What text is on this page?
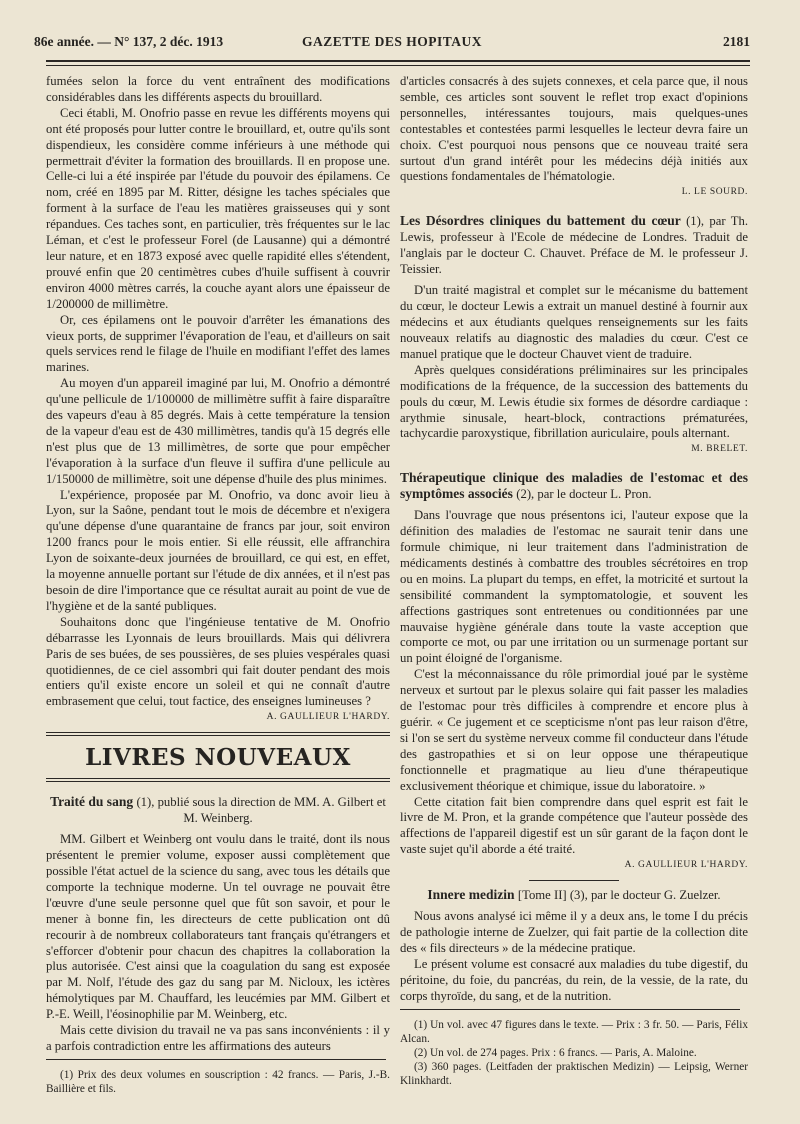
86e année. — N° 137, 2 déc. 1913	GAZETTE DES HOPITAUX	2181

fumées selon la force du vent entraînent des modifications considérables dans les différents aspects du brouillard.

Ceci établi, M. Onofrio passe en revue les différents moyens qui ont été proposés pour lutter contre le brouillard, et, outre qu'ils sont dispendieux, les considère comme inférieurs à une méthode qui permettrait d'éviter la formation des brouillards. Il en propose une. Celle-ci lui a été inspirée par l'étude du pouvoir des épilamens. Ce nom, créé en 1895 par M. Ritter, désigne les taches spéciales que forment à la surface de l'eau les matières graisseuses qui y sont répandues. Ces taches sont, en particulier, très fréquentes sur le lac Léman, et c'est le professeur Forel (de Lausanne) qui a démontré leur nature, et en 1873 exposé avec quelle rapidité elles s'étendent, prouvé enfin que 20 centimètres cubes d'huile suffisent à couvrir environ 4000 mètres carrés, la couche ayant alors une épaisseur de 1/200000 de millimètre.

Or, ces épilamens ont le pouvoir d'arrêter les émanations des vieux ports, de supprimer l'évaporation de l'eau, et d'ailleurs on sait quels services rend le filage de l'huile en modifiant l'effet des lames marines.

Au moyen d'un appareil imaginé par lui, M. Onofrio a démontré qu'une pellicule de 1/100000 de millimètre suffit à faire disparaître des vapeurs d'eau à 85 degrés. Mais à cette température la tension de la vapeur d'eau est de 430 millimètres, tandis qu'à 15 degrés elle n'est plus que de 13 millimètres, de sorte que pour empêcher l'évaporation à la surface d'un fleuve il suffira d'une pellicule au 1/150000 de millimètre, soit une dépense d'huile des plus minimes.

L'expérience, proposée par M. Onofrio, va donc avoir lieu à Lyon, sur la Saône, pendant tout le mois de décembre et n'exigera qu'une dépense d'une quarantaine de francs par jour, soit environ 1200 francs pour le mois entier. Si elle réussit, elle affranchira Lyon de soixante-deux journées de brouillard, ce qui est, en effet, la moyenne annuelle portant sur l'étude de dix années, et il n'est pas besoin de dire l'importance que ce résultat aurait au point de vue de l'hygiène et de la santé publiques.

Souhaitons donc que l'ingénieuse tentative de M. Onofrio débarrasse les Lyonnais de leurs brouillards. Mais qui délivrera Paris de ses buées, de ses poussières, de ses pluies vespérales quasi quotidiennes, de ce ciel assombri qui fait douter pendant des mois entiers qu'il existe encore un soleil et qui ne connaît d'autre embrasement que celui, tout factice, des enseignes lumineuses ?

A. GAULLIEUR L'HARDY.

LIVRES NOUVEAUX

Traité du sang (1), publié sous la direction de MM. A. Gilbert et M. Weinberg.

MM. Gilbert et Weinberg ont voulu dans le traité, dont ils nous présentent le premier volume, exposer aussi complètement que possible l'état actuel de la science du sang, avec tous les détails que comporte la technique moderne. Un tel ouvrage ne pouvait être l'œuvre d'une seule personne quel que fût son savoir, et pour le mener à bonne fin, les directeurs de cette publication ont dû recourir à de nombreux collaborateurs tant français qu'étrangers et s'efforcer d'obtenir pour chacun des chapitres la collaboration la plus autorisée. C'est ainsi que la coagulation du sang est exposée par M. Nolf, l'étude des gaz du sang par M. Nicloux, les ictères hémolytiques par M. Chauffard, les leucémies par MM. Gilbert et P.-E. Weill, l'éosinophilie par M. Weinberg, etc.

Mais cette division du travail ne va pas sans inconvénients : il y a parfois contradiction entre les affirmations des auteurs

(1) Prix des deux volumes en souscription : 42 francs. — Paris, J.-B. Baillière et fils.

d'articles consacrés à des sujets connexes, et cela parce que, il nous semble, ces articles sont souvent le reflet trop exact d'opinions personnelles, intéressantes toujours, mais quelques-unes contestables et contestées parmi lesquelles le lecteur devra faire un choix. C'est pourquoi nous pensons que ce nouveau traité sera surtout d'un grand intérêt pour les médecins déjà initiés aux questions fondamentales de l'hématologie.

L. LE SOURD.

Les Désordres cliniques du battement du cœur (1), par Th. Lewis, professeur à l'Ecole de médecine de Londres. Traduit de l'anglais par le docteur C. Chauvet. Préface de M. le professeur J. Teissier.

D'un traité magistral et complet sur le mécanisme du battement du cœur, le docteur Lewis a extrait un manuel destiné à fournir aux médecins et aux étudiants quelques renseignements sur les faits nouveaux relatifs au diagnostic des maladies du cœur. C'est ce manuel pratique que le docteur Chauvet vient de traduire.

Après quelques considérations préliminaires sur les principales modifications de la fréquence, de la succession des battements du pouls du cœur, M. Lewis étudie six formes de désordre cardiaque : arythmie sinusale, heart-block, contractions prématurées, tachycardie paroxystique, fibrillation auriculaire, pouls alternant.

M. BRELET.

Thérapeutique clinique des maladies de l'estomac et des symptômes associés (2), par le docteur L. Pron.

Dans l'ouvrage que nous présentons ici, l'auteur expose que la définition des maladies de l'estomac ne saurait tenir dans une formule chimique, ni leur traitement dans l'administration de médicaments destinés à combattre des troubles sécrétoires en trop ou en moins. La plupart du temps, en effet, la motricité et surtout la sensibilité commandent la symptomatologie, et souvent les affections gastriques sont entretenues ou conditionnées par une mauvaise hygiène générale dans toute la vaste acception que comporte ce mot, ou par une irritation ou un surmenage portant sur un point éloigné de l'organisme.

C'est la méconnaissance du rôle primordial joué par le système nerveux et surtout par le plexus solaire qui fait passer les maladies de l'estomac pour très difficiles à comprendre et encore plus à guérir. « Ce jugement et ce scepticisme n'ont pas leur raison d'être, si l'on se sert du système nerveux comme fil conducteur dans l'étude des gastropathies et si on leur oppose une thérapeutique fonctionnelle et pragmatique au lieu d'une thérapeutique exclusivement théorique et chimique, issue du laboratoire. »

Cette citation fait bien comprendre dans quel esprit est fait le livre de M. Pron, et la grande compétence que l'auteur possède des affections de l'appareil digestif est un sûr garant de la façon dont le vaste sujet qu'il aborde a été traité.

A. GAULLIEUR L'HARDY.

Innere medizin [Tome II] (3), par le docteur G. Zuelzer.

Nous avons analysé ici même il y a deux ans, le tome I du précis de pathologie interne de Zuelzer, qui fait partie de la collection dite des « fils directeurs » de la médecine pratique.

Le présent volume est consacré aux maladies du tube digestif, du péritoine, du foie, du pancréas, du rein, de la vessie, de la rate, du corps thyroïde, du sang, et de la nutrition.

(1) Un vol. avec 47 figures dans le texte. — Prix : 3 fr. 50. — Paris, Félix Alcan.

(2) Un vol. de 274 pages. Prix : 6 francs. — Paris, A. Maloine.

(3) 360 pages. (Leitfaden der praktischen Medizin) — Leipsig, Werner Klinkhardt.
